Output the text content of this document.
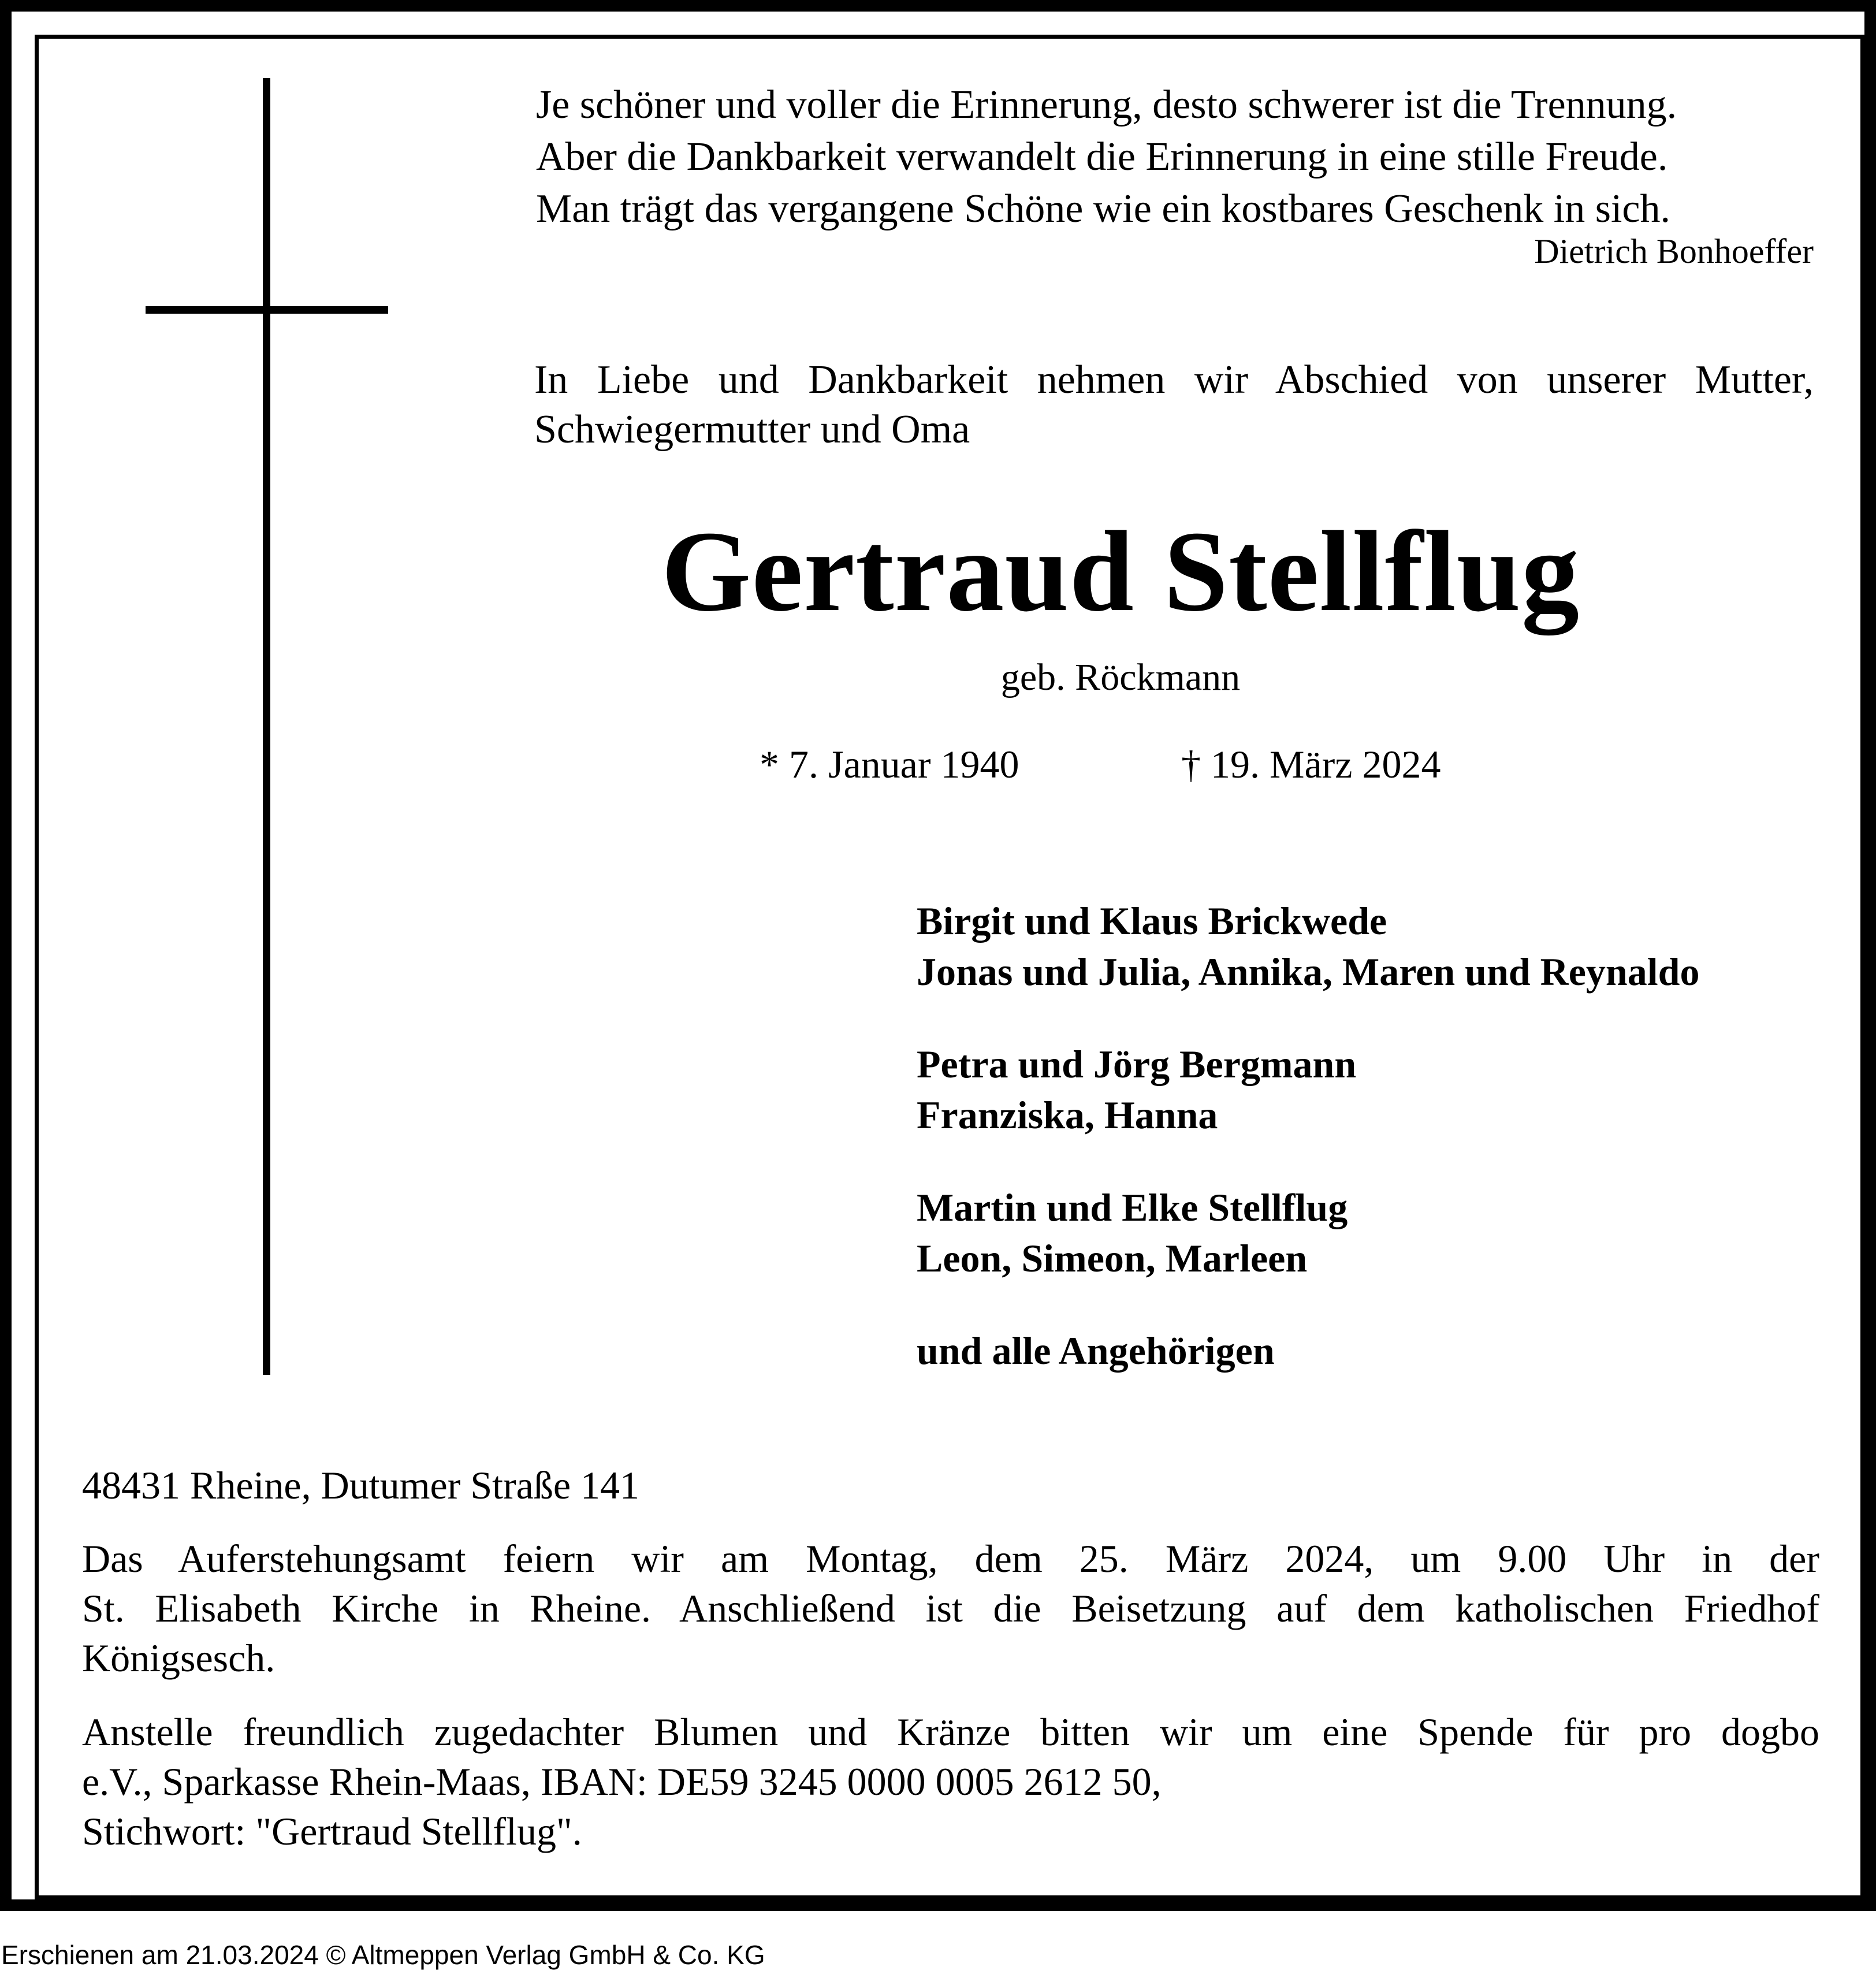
Je schöner und voller die Erinnerung, desto schwerer ist die Trennung.
Aber die Dankbarkeit verwandelt die Erinnerung in eine stille Freude.
Man trägt das vergangene Schöne wie ein kostbares Geschenk in sich.
Dietrich Bonhoeffer
In Liebe und Dankbarkeit nehmen wir Abschied von unserer Mutter,
Schwiegermutter und Oma
Gertraud Stellflug
geb. Röckmann
* 7. Januar 1940	† 19. März 2024
Birgit und Klaus Brickwede
Jonas und Julia, Annika, Maren und Reynaldo
Petra und Jörg Bergmann
Franziska, Hanna
Martin und Elke Stellflug
Leon, Simeon, Marleen
und alle Angehörigen
48431 Rheine, Dutumer Straße 141
Das Auferstehungsamt feiern wir am Montag, dem 25. März 2024, um 9.00 Uhr in der
St. Elisabeth Kirche in Rheine. Anschließend ist die Beisetzung auf dem katholischen Friedhof
Königsesch.
Anstelle freundlich zugedachter Blumen und Kränze bitten wir um eine Spende für pro dogbo
e.V., Sparkasse Rhein-Maas, IBAN: DE59 3245 0000 0005 2612 50,
Stichwort: "Gertraud Stellflug".
Erschienen am 21.03.2024 © Altmeppen Verlag GmbH & Co. KG
